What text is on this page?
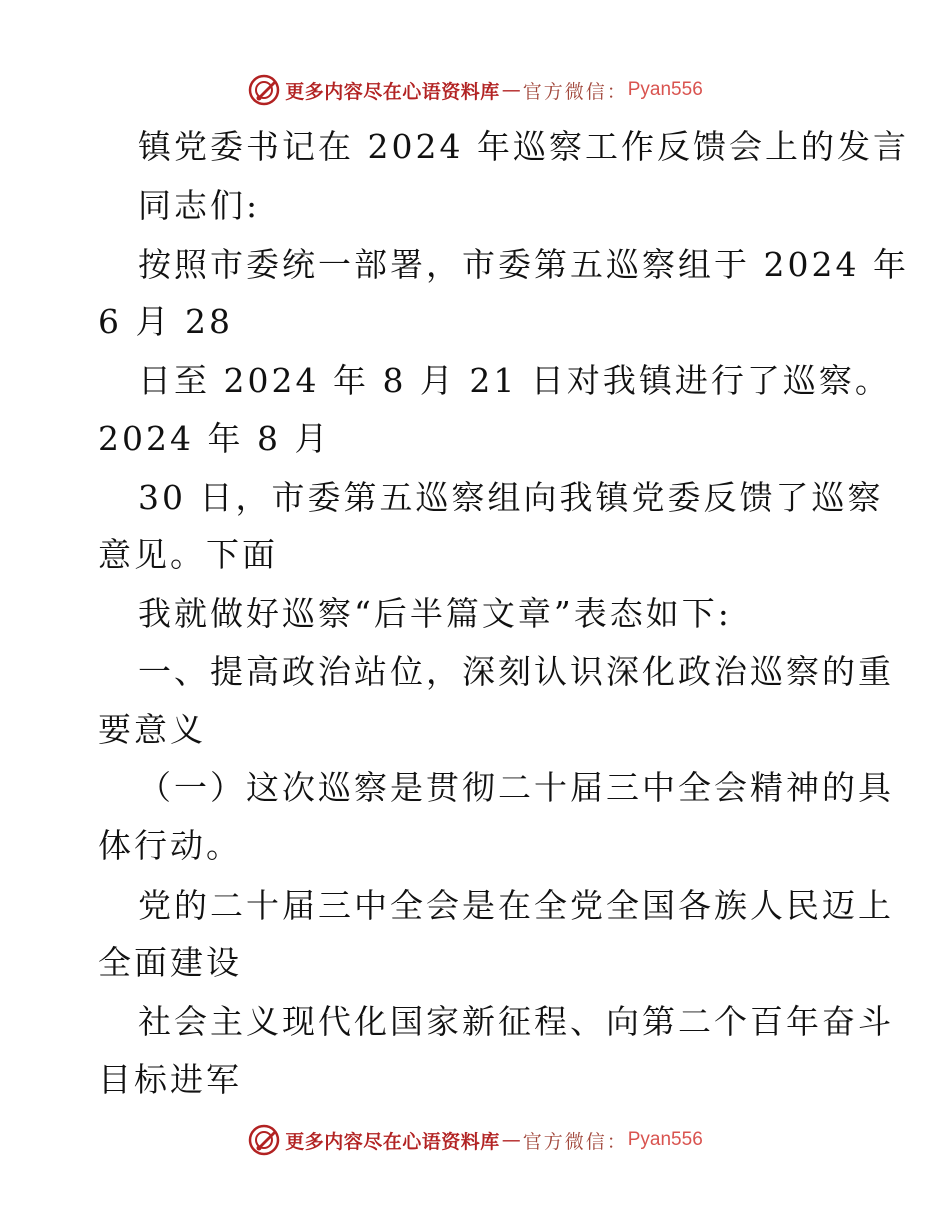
更多内容尽在心语资料库 — 官方微信： Pyan556

镇党委书记在 2024 年巡察工作反馈会上的发言

同志们:

按照市委统一部署，市委第五巡察组于 2024 年

6 月 28

日至 2024 年 8 月 21 日对我镇进行了巡察。

2024 年 8 月

30 日，市委第五巡察组向我镇党委反馈了巡察

意见。下面

我就做好巡察“后半篇文章”表态如下:

一、提高政治站位，深刻认识深化政治巡察的重

要意义

（一）这次巡察是贯彻二十届三中全会精神的具

体行动。

党的二十届三中全会是在全党全国各族人民迈上

全面建设

社会主义现代化国家新征程、向第二个百年奋斗

目标进军

更多内容尽在心语资料库 — 官方微信： Pyan556
